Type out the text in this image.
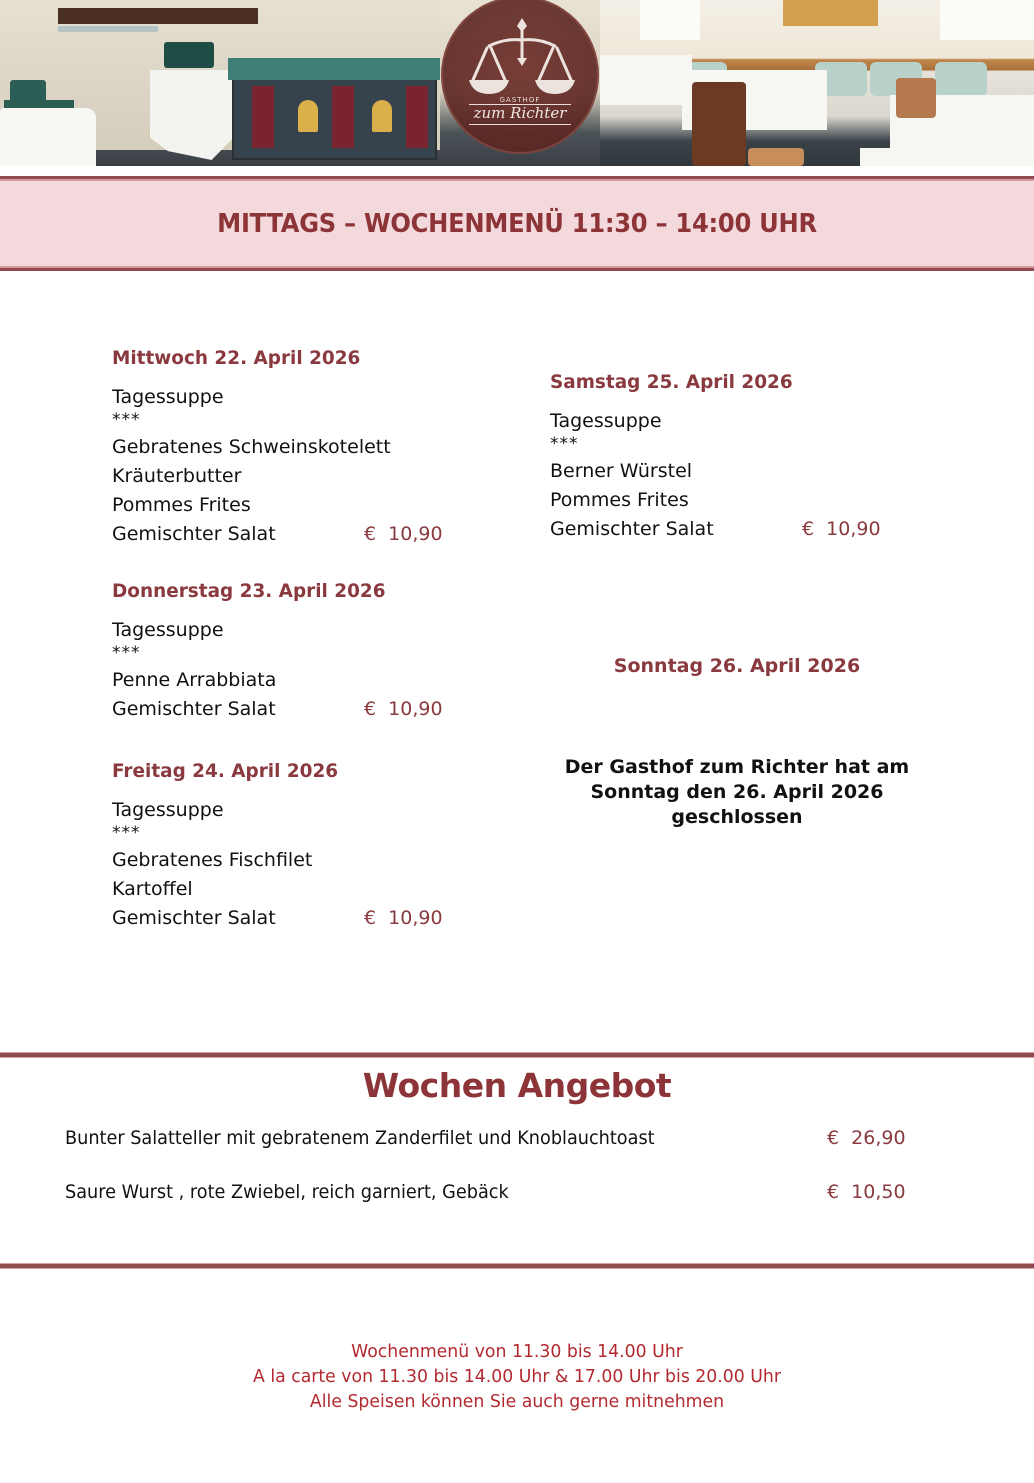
GASTHOF
zum Richter
MITTAGS – WOCHENMENÜ 11:30 – 14:00 UHR
Mittwoch 22. April 2026
Tagessuppe
***
Gebratenes Schweinskotelett
Kräuterbutter
Pommes Frites
Gemischter Salat	€  10,90
Donnerstag 23. April 2026
Tagessuppe
***
Penne Arrabbiata
Gemischter Salat	€  10,90
Freitag 24. April 2026
Tagessuppe
***
Gebratenes Fischfilet
Kartoffel
Gemischter Salat	€  10,90
Samstag 25. April 2026
Tagessuppe
***
Berner Würstel
Pommes Frites
Gemischter Salat	€  10,90
Sonntag 26. April 2026
Der Gasthof zum Richter hat am
Sonntag den 26. April 2026
geschlossen
Wochen Angebot
Bunter Salatteller mit gebratenem Zanderfilet und Knoblauchtoast	€  26,90
Saure Wurst , rote Zwiebel, reich garniert, Gebäck	€  10,50
Wochenmenü von 11.30 bis 14.00 Uhr
A la carte von 11.30 bis 14.00 Uhr & 17.00 Uhr bis 20.00 Uhr
Alle Speisen können Sie auch gerne mitnehmen
